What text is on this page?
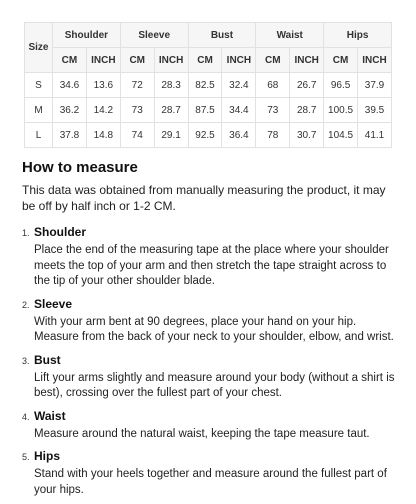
Size	Shoulder		Sleeve		Bust		Waist		Hips	
	CM	INCH	CM	INCH	CM	INCH	CM	INCH	CM	INCH
S	34.6	13.6	72	28.3	82.5	32.4	68	26.7	96.5	37.9
M	36.2	14.2	73	28.7	87.5	34.4	73	28.7	100.5	39.5
L	37.8	14.8	74	29.1	92.5	36.4	78	30.7	104.5	41.1
How to measure

This data was obtained from manually measuring the product, it may be off by half inch or 1-2 CM.

1. Shoulder

Place the end of the measuring tape at the place where your shoulder meets the top of your arm and then stretch the tape straight across to the tip of your other shoulder blade.

2. Sleeve

With your arm bent at 90 degrees, place your hand on your hip. Measure from the back of your neck to your shoulder, elbow, and wrist.

3. Bust

Lift your arms slightly and measure around your body (without a shirt is best), crossing over the fullest part of your chest.

4. Waist

Measure around the natural waist, keeping the tape measure taut.

5. Hips

Stand with your heels together and measure around the fullest part of your hips.
